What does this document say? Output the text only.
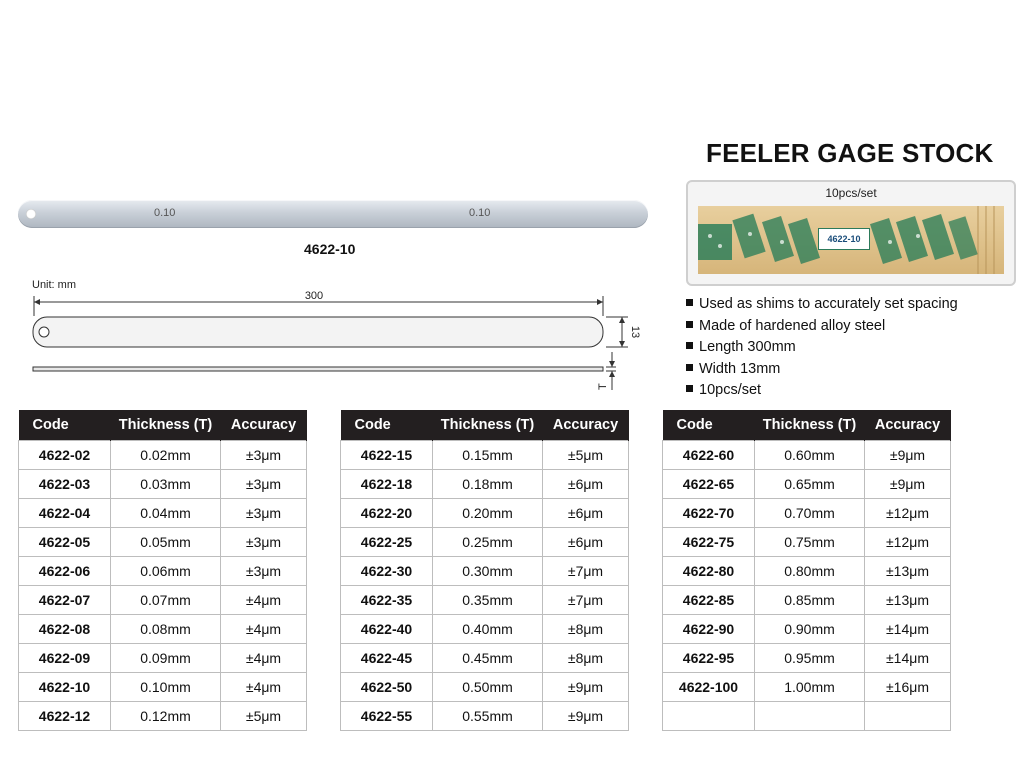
FEELER GAGE STOCK
10pcs/set
4622-10
0.10	0.10
4622-10
Unit: mm
300
13
T
Used as shims to accurately set spacing
Made of hardened alloy steel
Length 300mm
Width 13mm
10pcs/set
Code	Thickness (T)	Accuracy
4622-02	0.02mm	±3μm
4622-03	0.03mm	±3μm
4622-04	0.04mm	±3μm
4622-05	0.05mm	±3μm
4622-06	0.06mm	±3μm
4622-07	0.07mm	±4μm
4622-08	0.08mm	±4μm
4622-09	0.09mm	±4μm
4622-10	0.10mm	±4μm
4622-12	0.12mm	±5μm
Code	Thickness (T)	Accuracy
4622-15	0.15mm	±5μm
4622-18	0.18mm	±6μm
4622-20	0.20mm	±6μm
4622-25	0.25mm	±6μm
4622-30	0.30mm	±7μm
4622-35	0.35mm	±7μm
4622-40	0.40mm	±8μm
4622-45	0.45mm	±8μm
4622-50	0.50mm	±9μm
4622-55	0.55mm	±9μm
Code	Thickness (T)	Accuracy
4622-60	0.60mm	±9μm
4622-65	0.65mm	±9μm
4622-70	0.70mm	±12μm
4622-75	0.75mm	±12μm
4622-80	0.80mm	±13μm
4622-85	0.85mm	±13μm
4622-90	0.90mm	±14μm
4622-95	0.95mm	±14μm
4622-100	1.00mm	±16μm
